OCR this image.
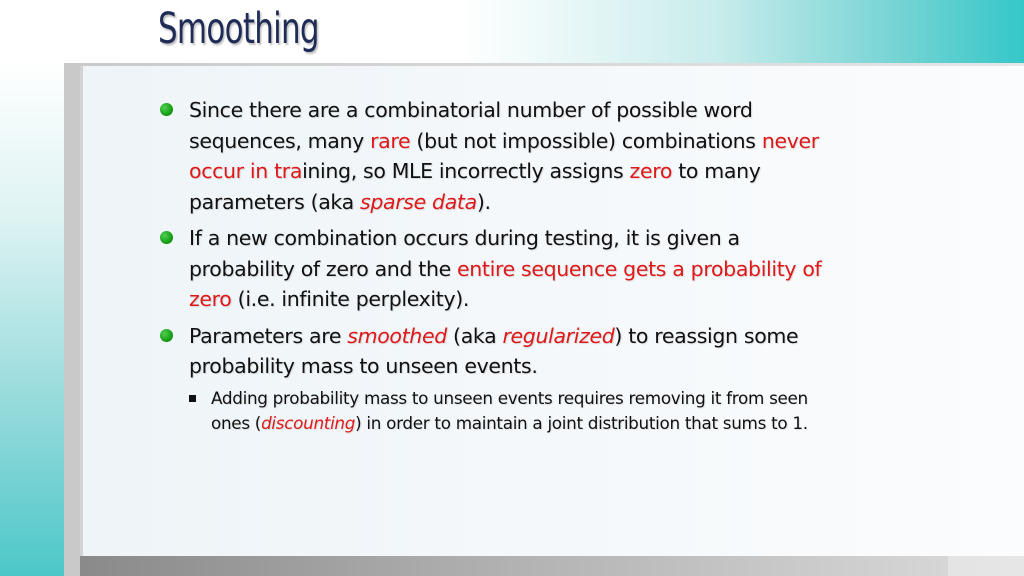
Smoothing
Since there are a combinatorial number of possible word sequences, many rare (but not impossible) combinations never occur in training, so MLE incorrectly assigns zero to many parameters (aka sparse data).
If a new combination occurs during testing, it is given a probability of zero and the entire sequence gets a probability of zero (i.e. infinite perplexity).
Parameters are smoothed (aka regularized) to reassign some probability mass to unseen events.
Adding probability mass to unseen events requires removing it from seen ones (discounting) in order to maintain a joint distribution that sums to 1.
